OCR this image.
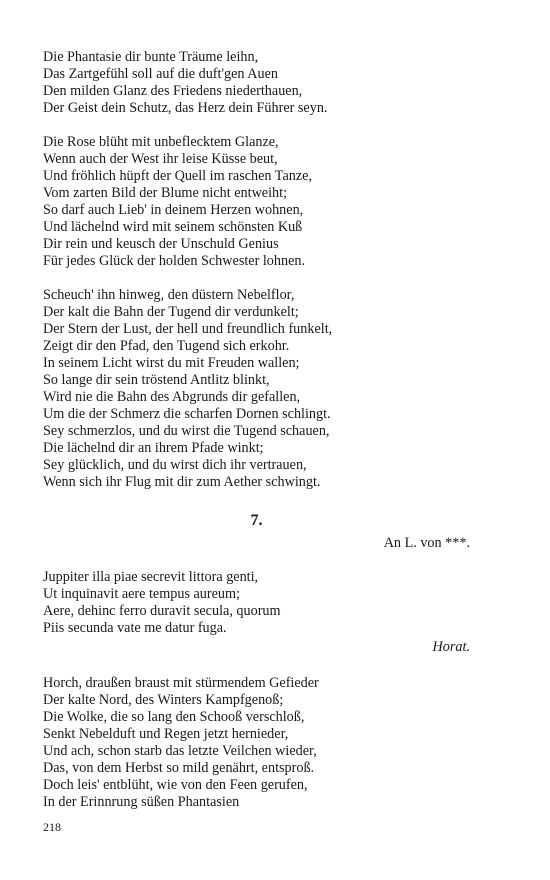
Die Phantasie dir bunte Träume leihn,
Das Zartgefühl soll auf die duft'gen Auen
Den milden Glanz des Friedens niederthauen,
Der Geist dein Schutz, das Herz dein Führer seyn.
Die Rose blüht mit unbeflecktem Glanze,
Wenn auch der West ihr leise Küsse beut,
Und fröhlich hüpft der Quell im raschen Tanze,
Vom zarten Bild der Blume nicht entweiht;
So darf auch Lieb' in deinem Herzen wohnen,
Und lächelnd wird mit seinem schönsten Kuß
Dir rein und keusch der Unschuld Genius
Für jedes Glück der holden Schwester lohnen.
Scheuch' ihn hinweg, den düstern Nebelflor,
Der kalt die Bahn der Tugend dir verdunkelt;
Der Stern der Lust, der hell und freundlich funkelt,
Zeigt dir den Pfad, den Tugend sich erkohr.
In seinem Licht wirst du mit Freuden wallen;
So lange dir sein tröstend Antlitz blinkt,
Wird nie die Bahn des Abgrunds dir gefallen,
Um die der Schmerz die scharfen Dornen schlingt.
Sey schmerzlos, und du wirst die Tugend schauen,
Die lächelnd dir an ihrem Pfade winkt;
Sey glücklich, und du wirst dich ihr vertrauen,
Wenn sich ihr Flug mit dir zum Aether schwingt.
7.
An L. von ***.
Juppiter illa piae secrevit littora genti,
Ut inquinavit aere tempus aureum;
Aere, dehinc ferro duravit secula, quorum
Piis secunda vate me datur fuga.
Horat.
Horch, draußen braust mit stürmendem Gefieder
Der kalte Nord, des Winters Kampfgenoß;
Die Wolke, die so lang den Schooß verschloß,
Senkt Nebelduft und Regen jetzt hernieder,
Und ach, schon starb das letzte Veilchen wieder,
Das, von dem Herbst so mild genährt, entsproß.
Doch leis' entblüht, wie von den Feen gerufen,
In der Erinnrung süßen Phantasien
218
